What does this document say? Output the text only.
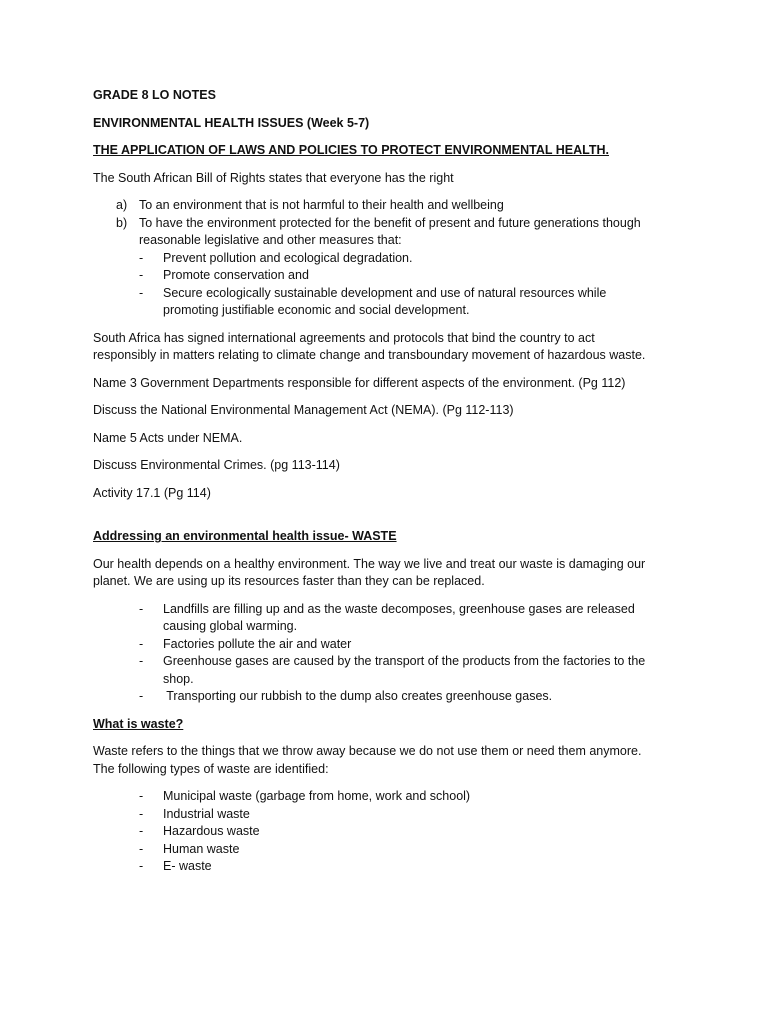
GRADE 8 LO NOTES

ENVIRONMENTAL HEALTH ISSUES (Week 5-7)

THE APPLICATION OF LAWS AND POLICIES TO PROTECT ENVIRONMENTAL HEALTH.

The South African Bill of Rights states that everyone has the right

a) To an environment that is not harmful to their health and wellbeing

b) To have the environment protected for the benefit of present and future generations though

reasonable legislative and other measures that:

- Prevent pollution and ecological degradation.

- Promote conservation and

- Secure ecologically sustainable development and use of natural resources while

promoting justifiable economic and social development.

South Africa has signed international agreements and protocols that bind the country to act

responsibly in matters relating to climate change and transboundary movement of hazardous waste.

Name 3 Government Departments responsible for different aspects of the environment. (Pg 112)

Discuss the National Environmental Management Act (NEMA). (Pg 112-113)

Name 5 Acts under NEMA.

Discuss Environmental Crimes. (pg 113-114)

Activity 17.1 (Pg 114)

Addressing an environmental health issue- WASTE

Our health depends on a healthy environment. The way we live and treat our waste is damaging our

planet. We are using up its resources faster than they can be replaced.

- Landfills are filling up and as the waste decomposes, greenhouse gases are released

causing global warming.

- Factories pollute the air and water

- Greenhouse gases are caused by the transport of the products from the factories to the

shop.

- Transporting our rubbish to the dump also creates greenhouse gases.

What is waste?

Waste refers to the things that we throw away because we do not use them or need them anymore.

The following types of waste are identified:

- Municipal waste (garbage from home, work and school)

- Industrial waste

- Hazardous waste

- Human waste

- E- waste
